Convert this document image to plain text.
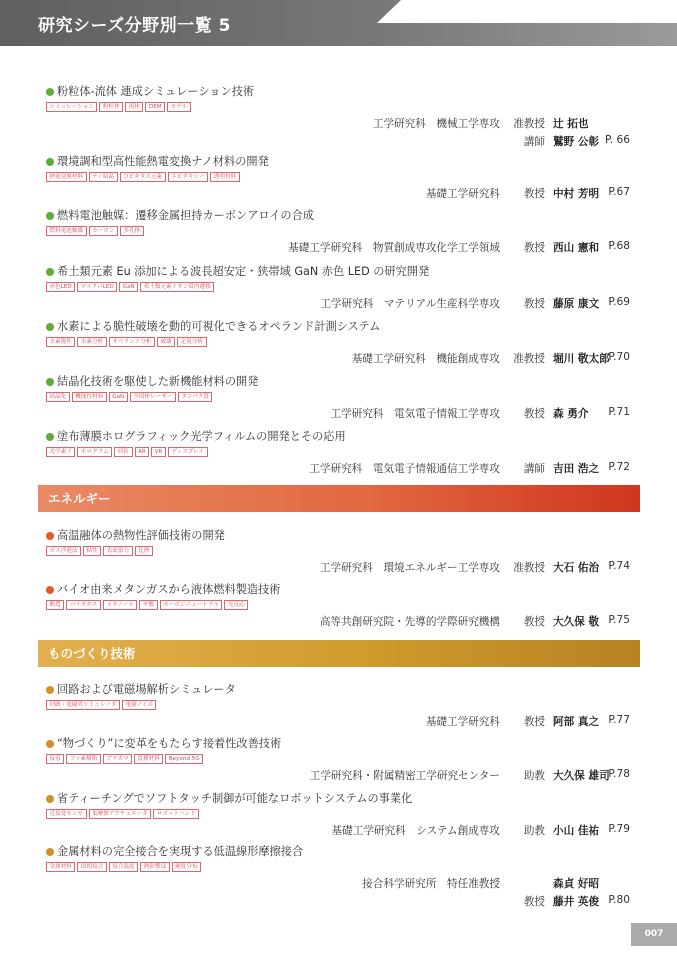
研究シーズ分野別一覧 5
粉粒体-流体 連成シミュレーション技術
シミュレーション 粉粒体 流体 DEM モデル
工学研究科　機械工学専攻 准教授 辻 拓也
講師 鷲野 公彰 P. 66
環境調和型高性能熱電変換ナノ材料の開発
熱電変換材料 ナノ結晶 コピキタス元素 エピタキシー 透明材料
基礎工学研究科 教授 中村 芳明 P.67
燃料電池触媒：遷移金属担持カーボンアロイの合成
燃料電池触媒 カーボン 多孔体
基礎工学研究科　物質創成専攻化学工学領域 教授 西山 憲和 P.68
希土類元素 Eu 添加による波長超安定・狭帯域 GaN 赤色 LED の研究開発
赤色LED マイクロLED GaN 希土類元素イオン殻内遷移
工学研究科　マテリアル生産科学専攻 教授 藤原 康文 P.69
水素による脆性破壊を動的可視化できるオペランド計測システム
水素脆性 水素分析 オペランド分析 破壊 定量分析
基礎工学研究科　機能創成専攻 准教授 堀川 敬太郎
P.70
結晶化技術を駆使した新機能材料の開発
結晶化 機能性材料 GaN 全固体レーザー タンパク質
工学研究科　電気電子情報工学専攻 教授 森 勇介 P.71
塗布薄膜ホログラフィック光学フィルムの開発とその応用
光学素子 ホログラム 回折 AR VR ディスプレイ
工学研究科　電気電子情報通信工学専攻 講師 吉田 浩之 P.72
高温融体の熱物性評価技術の開発
ガス浮遊法 粘性 表面張力 比熱
工学研究科　環境エネルギー工学専攻 准教授 大石 佑治 P.74
バイオ由来メタンガスから液体燃料製造技術
酪農 バイオガス メタノール ギ酸 カーボンニュートラル 光反応
高等共創研究院・先導的学際研究機構 教授 大久保 敬 P.75
回路および電磁場解析シミュレータ
回路・電磁界シミュレータ 電磁ノイズ
基礎工学研究科 教授 阿部 真之 P.77
“物づくり”に変革をもたらす接着性改善技術
接着 フッ素樹脂 プラズマ 貴種材料 Beyond 5G
工学研究科・附属精密工学研究センター 助教 大久保 雄司
P.78
省ティーチングでソフトタッチ制御が可能なロボットシステムの事業化
近接覚センサ 低摩擦アクチュエータ ロボットハンド
基礎工学研究科　システム創成専攻 助教 小山 佳祐 P.79
金属材料の完全接合を実現する低温線形摩擦接合
金属材料 固相接合 接合温度 熱影響部 硬度分布
接合科学研究所　特任准教授	森貞 好昭
教授 藤井 英俊 P.80
エネルギー
ものづくり技術
007
